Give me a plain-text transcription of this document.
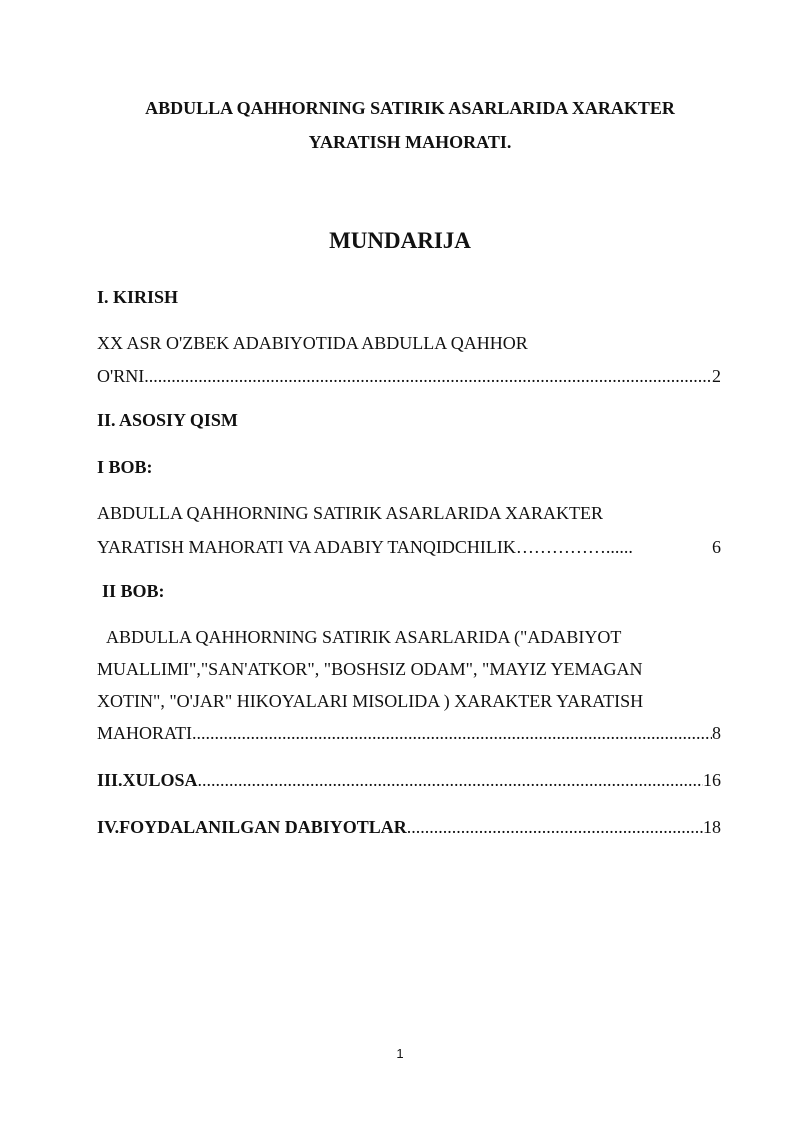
ABDULLA QAHHORNING SATIRIK ASARLARIDA XARAKTER
YARATISH MAHORATI.
MUNDARIJA
I. KIRISH
XX ASR O'ZBEK ADABIYOTIDA ABDULLA QAHHOR
O'RNI .....	2
II. ASOSIY QISM
I BOB:
ABDULLA QAHHORNING SATIRIK ASARLARIDA XARAKTER
YARATISH MAHORATI VA ADABIY TANQIDCHILIK……………......	6
II BOB:
ABDULLA QAHHORNING SATIRIK ASARLARIDA ("ADABIYOT
MUALLIMI","SAN'ATKOR", "BOSHSIZ ODAM", "MAYIZ YEMAGAN
XOTIN", "O'JAR" HIKOYALARI MISOLIDA ) XARAKTER YARATISH
MAHORATI .....	8
III.XULOSA .....	16
IV.FOYDALANILGAN DABIYOTLAR .....	18
1
